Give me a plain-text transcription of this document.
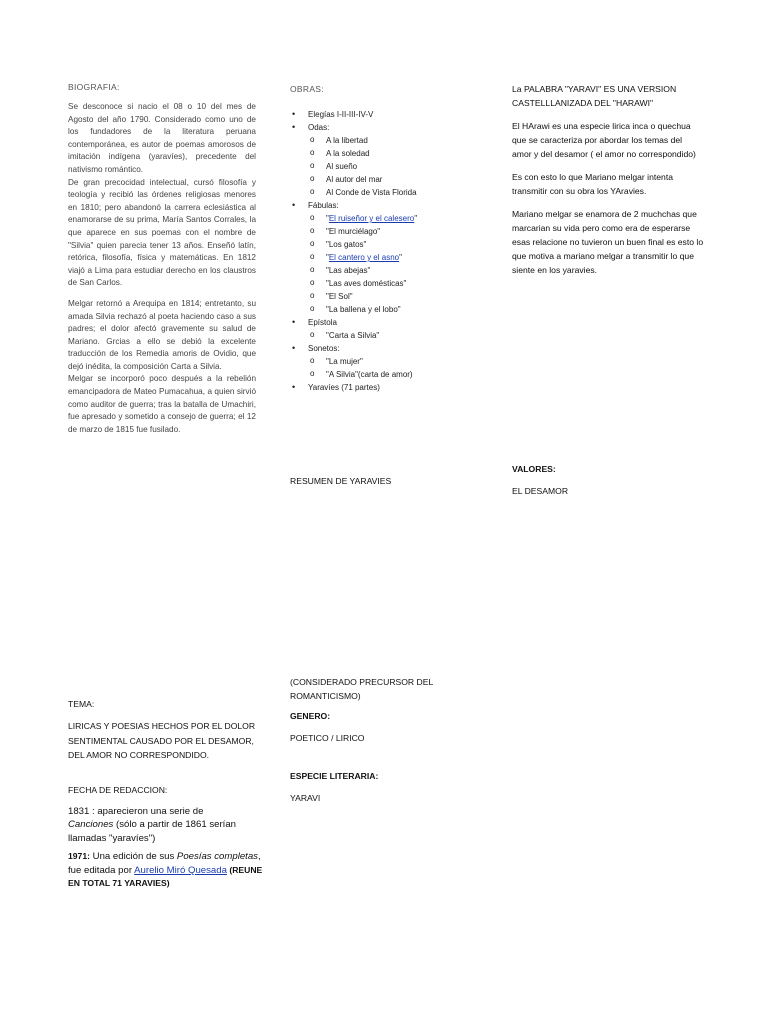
BIOGRAFIA:

Se desconoce si nacio el 08 o 10 del mes de Agosto del año 1790. Considerado como uno de los fundadores de la literatura peruana contemporánea, es autor de poemas amorosos de imitación indígena (yaravíes), precedente del nativismo romántico.

De gran precocidad intelectual, cursó filosofía y teología y recibió las órdenes religiosas menores en 1810; pero abandonó la carrera eclesiástica al enamorarse de su prima, María Santos Corrales, la que aparece en sus poemas con el nombre de "Silvia" quien parecia tener 13 años. Enseñó latín, retórica, filosofía, física y matemáticas. En 1812 viajó a Lima para estudiar derecho en los claustros de San Carlos.

Melgar retornó a Arequipa en 1814; entretanto, su amada Silvia rechazó al poeta haciendo caso a sus padres; el dolor afectó gravemente su salud de Mariano. Grcias a ello se debió la excelente traducción de los Remedia amoris de Ovidio, que dejó inédita, la composición Carta a Silvia.

Melgar se incorporó poco después a la rebelión emancipadora de Mateo Pumacahua, a quien sirvió como auditor de guerra; tras la batalla de Umachiri, fue apresado y sometido a consejo de guerra; el 12 de marzo de 1815 fue fusilado.

OBRAS:
• Elegías I-II-III-IV-V
• Odas:
o A la libertad
o A la soledad
o Al sueño
o Al autor del mar
o Al Conde de Vista Florida
• Fábulas:
o "El ruiseñor y el calesero"
o "El murciélago"
o "Los gatos"
o "El cantero y el asno"
o "Las abejas"
o "Las aves domésticas"
o "El Sol"
o "La ballena y el lobo"
• Epístola
o "Carta a Silvia"
• Sonetos:
o "La mujer"
o "A Silvia"(carta de amor)
• Yaravíes (71 partes)

La PALABRA "YARAVI" ES UNA VERSION CASTELLLANIZADA DEL "HARAWI"

El HArawi es una especie lirica inca o quechua que se caracteriza por abordar los temas del amor y del desamor ( el amor no correspondido)

Es con esto lo que Mariano melgar intenta transmitir con su obra los YAravies.

Mariano melgar se enamora de 2 muchchas que marcarian su vida pero como era de esperarse esas relacione no tuvieron un buen final es esto lo que motiva a mariano melgar a transmitir lo que siente en los yaravies.

VALORES:
EL DESAMOR
RESUMEN DE YARAVIES

(CONSIDERADO PRECURSOR DEL ROMANTICISMO)

GENERO:
POETICO / LIRICO
ESPECIE LITERARIA:
YARAVI
TEMA:

LIRICAS Y POESIAS HECHOS POR EL DOLOR SENTIMENTAL CAUSADO POR EL DESAMOR, DEL AMOR NO CORRESPONDIDO.

FECHA DE REDACCION:

1831 : aparecieron una serie de Canciones (sólo a partir de 1861 serían llamadas "yaravíes")

1971: Una edición de sus Poesías completas, fue editada por Aurelio Miró Quesada (REUNE EN TOTAL 71 YARAVIES)
